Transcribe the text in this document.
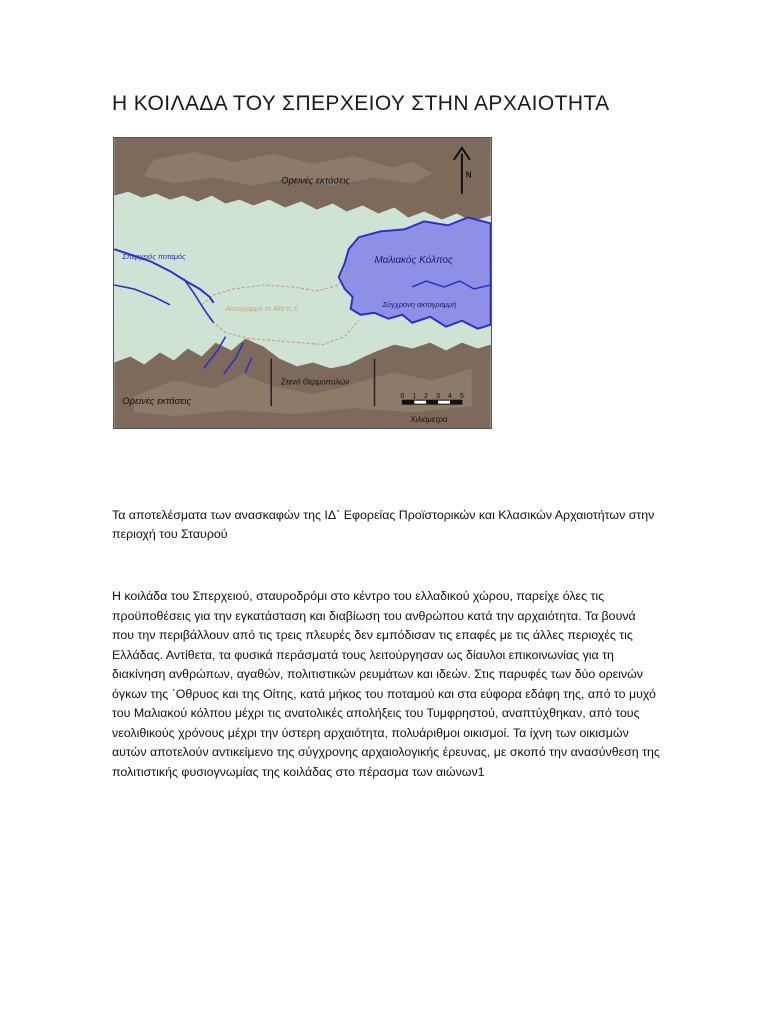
Η ΚΟΙΛΑΔΑ ΤΟΥ ΣΠΕΡΧΕΙΟΥ ΣΤΗΝ ΑΡΧΑΙΟΤΗΤΑ
N
Ορεινές εκτάσεις
Ορεινές εκτάσεις
Σπερχειός ποταμός	Μαλιακός Κόλπος
Σύγχρονη ακτογραμμή
Ακτογραμμή το 480 π.Χ.
Στενό Θερμοπυλών
0 1 2 3 4 5
Χιλιόμετρα
Τα αποτελέσματα των ανασκαφών της ΙΔ΄ Εφορείας Προϊστορικών και Κλασικών Αρχαιοτήτων στην περιοχή του Σταυρού
Η κοιλάδα του Σπερχειού, σταυροδρόμι στο κέντρο του ελλαδικού χώρου, παρείχε όλες τις προϋποθέσεις για την εγκατάσταση και διαβίωση του ανθρώπου κατά την αρχαιότητα. Τα βουνά που την περιβάλλουν από τις τρεις πλευρές δεν εμπόδισαν τις επαφές με τις άλλες περιοχές τις Ελλάδας. Αντίθετα, τα φυσικά περάσματά τους λειτούργησαν ως δίαυλοι επικοινωνίας για τη διακίνηση ανθρώπων, αγαθών, πολιτιστικών ρευμάτων και ιδεών. Στις παρυφές των δύο ορεινών όγκων της ΄Οθρυος και της Οίτης, κατά μήκος του ποταμού και στα εύφορα εδάφη της, από το μυχό του Μαλιακού κόλπου μέχρι τις ανατολικές απολήξεις του Τυμφρηστού, αναπτύχθηκαν, από τους νεολιθικούς χρόνους μέχρι την ύστερη αρχαιότητα, πολυάριθμοι οικισμοί. Τα ίχνη των οικισμών αυτών αποτελούν αντικείμενο της σύγχρονης αρχαιολογικής έρευνας, με σκοπό την ανασύνθεση της πολιτιστικής φυσιογνωμίας της κοιλάδας στο πέρασμα των αιώνων1
